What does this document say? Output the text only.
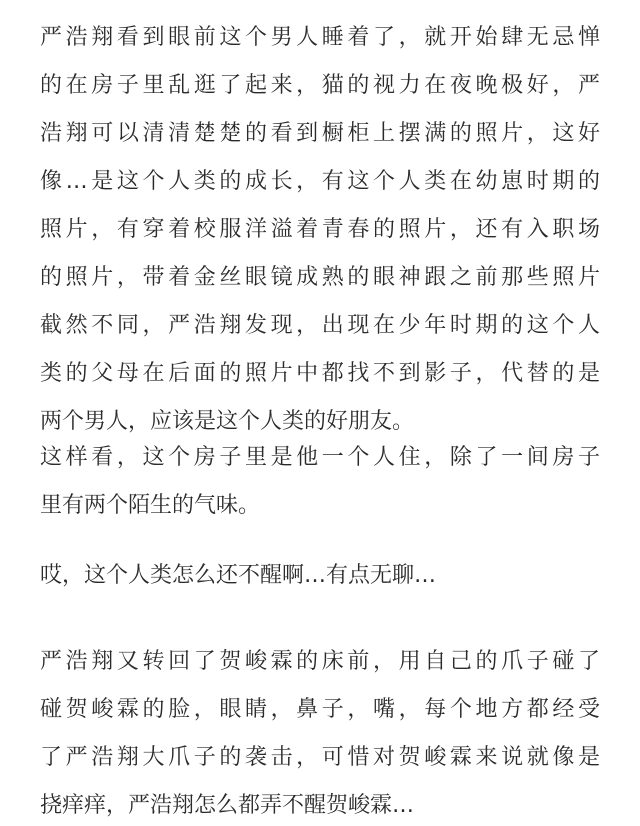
严浩翔看到眼前这个男人睡着了，就开始肆无忌惮
的在房子里乱逛了起来，猫的视力在夜晚极好，严
浩翔可以清清楚楚的看到橱柜上摆满的照片，这好
像…是这个人类的成长，有这个人类在幼崽时期的
照片，有穿着校服洋溢着青春的照片，还有入职场
的照片，带着金丝眼镜成熟的眼神跟之前那些照片
截然不同，严浩翔发现，出现在少年时期的这个人
类的父母在后面的照片中都找不到影子，代替的是
两个男人，应该是这个人类的好朋友。
这样看，这个房子里是他一个人住，除了一间房子
里有两个陌生的气味。
哎，这个人类怎么还不醒啊…有点无聊…
严浩翔又转回了贺峻霖的床前，用自己的爪子碰了
碰贺峻霖的脸，眼睛，鼻子，嘴，每个地方都经受
了严浩翔大爪子的袭击，可惜对贺峻霖来说就像是
挠痒痒，严浩翔怎么都弄不醒贺峻霖…
